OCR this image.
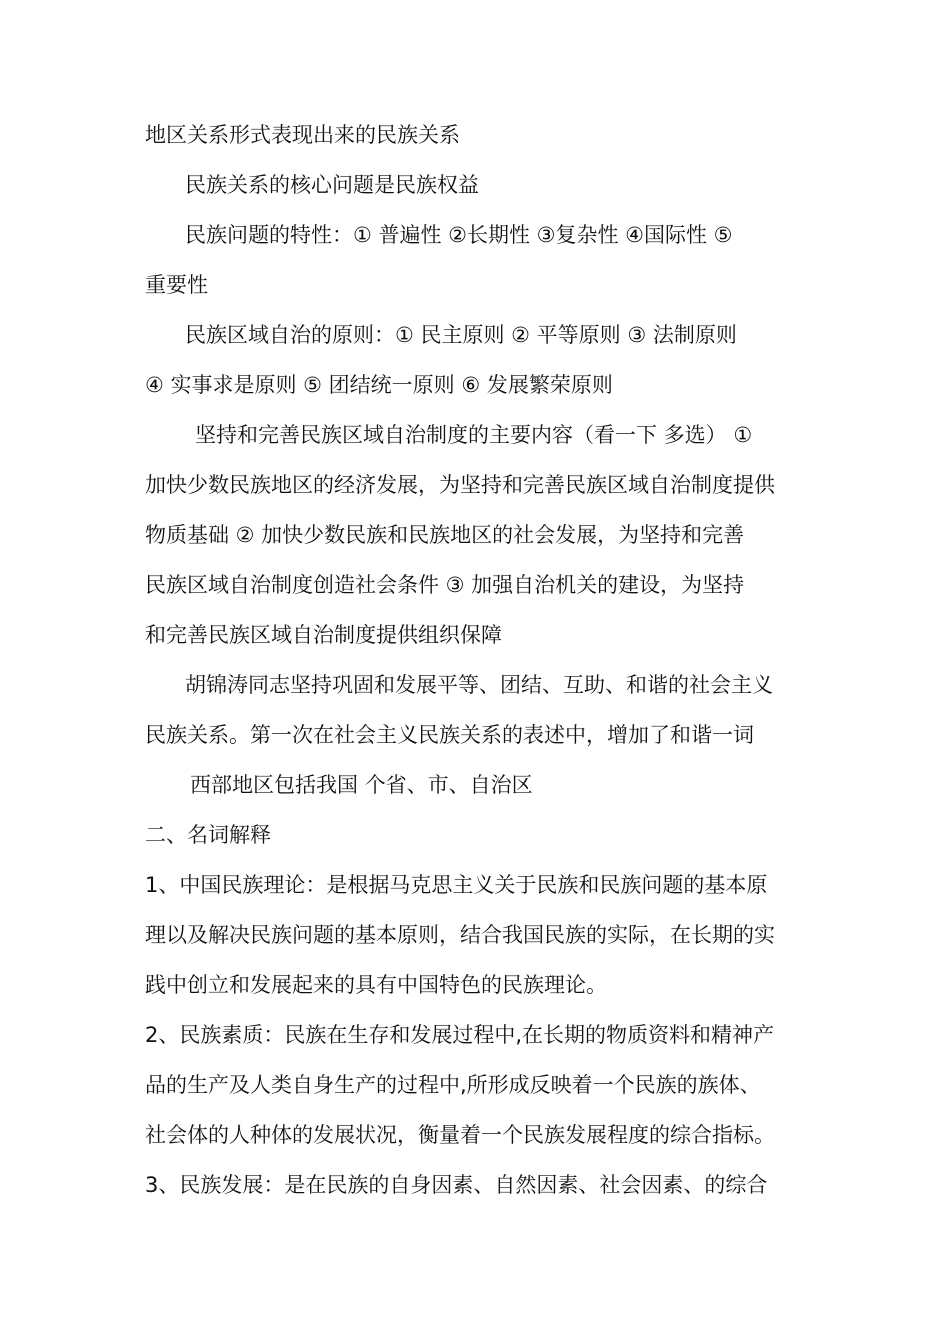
地区关系形式表现出来的民族关系
民族关系的核心问题是民族权益
民族问题的特性：① 普遍性 ②长期性 ③复杂性 ④国际性 ⑤
重要性
民族区域自治的原则：① 民主原则 ② 平等原则 ③ 法制原则
④ 实事求是原则 ⑤ 团结统一原则 ⑥ 发展繁荣原则
坚持和完善民族区域自治制度的主要内容（看一下 多选） ①
加快少数民族地区的经济发展，为坚持和完善民族区域自治制度提供
物质基础 ② 加快少数民族和民族地区的社会发展，为坚持和完善
民族区域自治制度创造社会条件 ③ 加强自治机关的建设，为坚持
和完善民族区域自治制度提供组织保障
胡锦涛同志坚持巩固和发展平等、团结、互助、和谐的社会主义
民族关系。第一次在社会主义民族关系的表述中，增加了和谐一词
西部地区包括我国 个省、市、自治区
二、名词解释
1、中国民族理论：是根据马克思主义关于民族和民族问题的基本原
理以及解决民族问题的基本原则，结合我国民族的实际，在长期的实
践中创立和发展起来的具有中国特色的民族理论。
2、民族素质：民族在生存和发展过程中,在长期的物质资料和精神产
品的生产及人类自身生产的过程中,所形成反映着一个民族的族体、
社会体的人种体的发展状况，衡量着一个民族发展程度的综合指标。
3、民族发展：是在民族的自身因素、自然因素、社会因素、的综合
